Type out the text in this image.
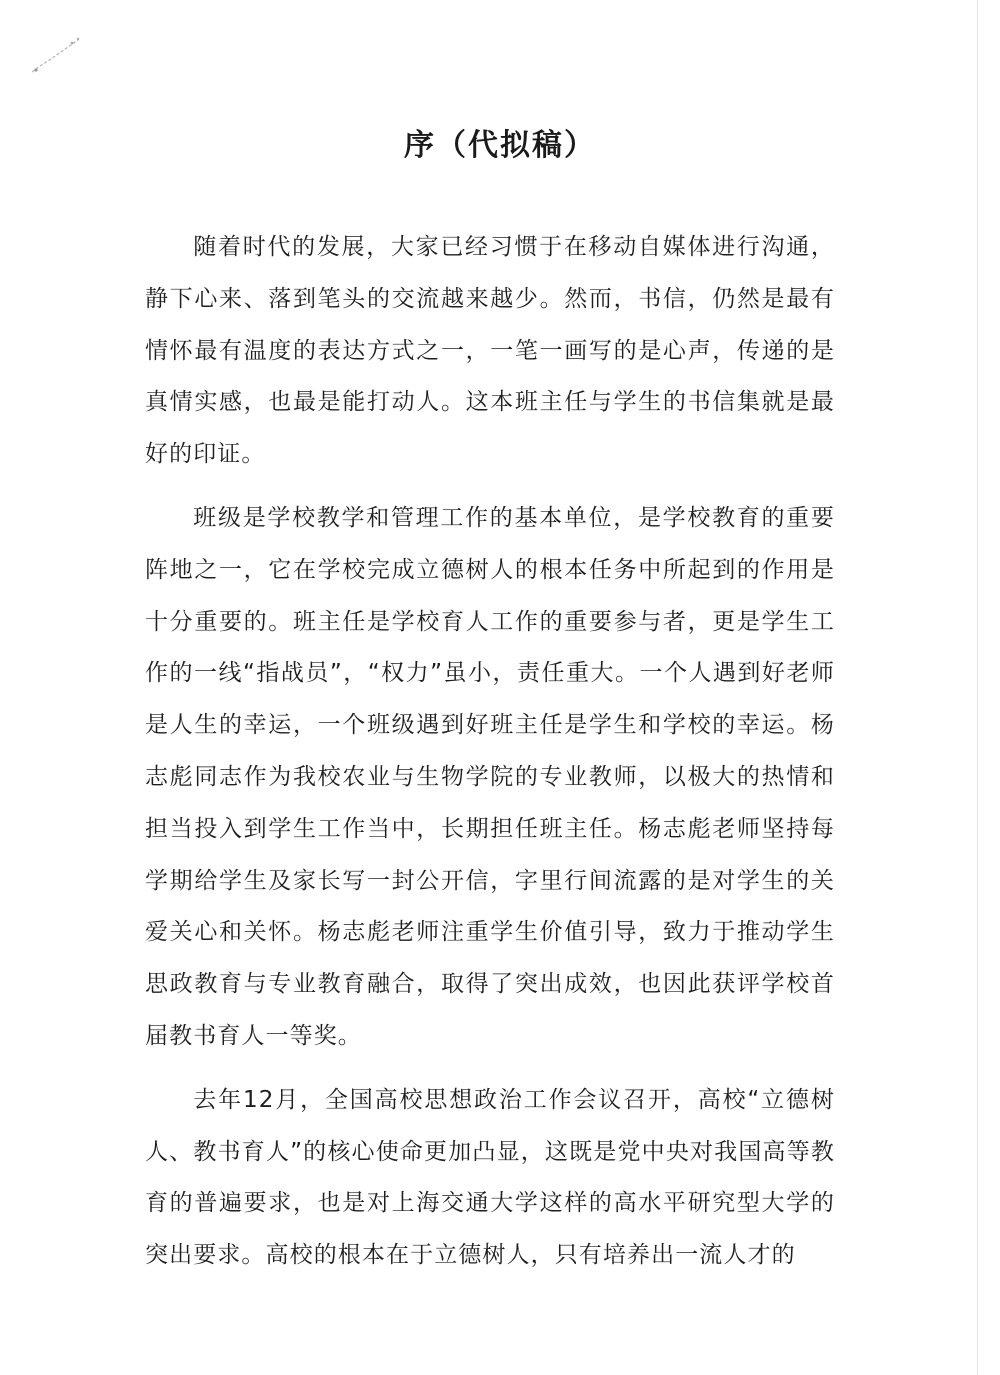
序（代拟稿）

随着时代的发展，大家已经习惯于在移动自媒体进行沟通，静下心来、落到笔头的交流越来越少。然而，书信，仍然是最有情怀最有温度的表达方式之一，一笔一画写的是心声，传递的是真情实感，也最是能打动人。这本班主任与学生的书信集就是最好的印证。

班级是学校教学和管理工作的基本单位，是学校教育的重要阵地之一，它在学校完成立德树人的根本任务中所起到的作用是十分重要的。班主任是学校育人工作的重要参与者，更是学生工作的一线“指战员”，“权力”虽小，责任重大。一个人遇到好老师是人生的幸运，一个班级遇到好班主任是学生和学校的幸运。杨志彪同志作为我校农业与生物学院的专业教师，以极大的热情和担当投入到学生工作当中，长期担任班主任。杨志彪老师坚持每学期给学生及家长写一封公开信，字里行间流露的是对学生的关爱关心和关怀。杨志彪老师注重学生价值引导，致力于推动学生思政教育与专业教育融合，取得了突出成效，也因此获评学校首届教书育人一等奖。

去年12月，全国高校思想政治工作会议召开，高校“立德树人、教书育人”的核心使命更加凸显，这既是党中央对我国高等教育的普遍要求，也是对上海交通大学这样的高水平研究型大学的突出要求。高校的根本在于立德树人，只有培养出一流人才的
